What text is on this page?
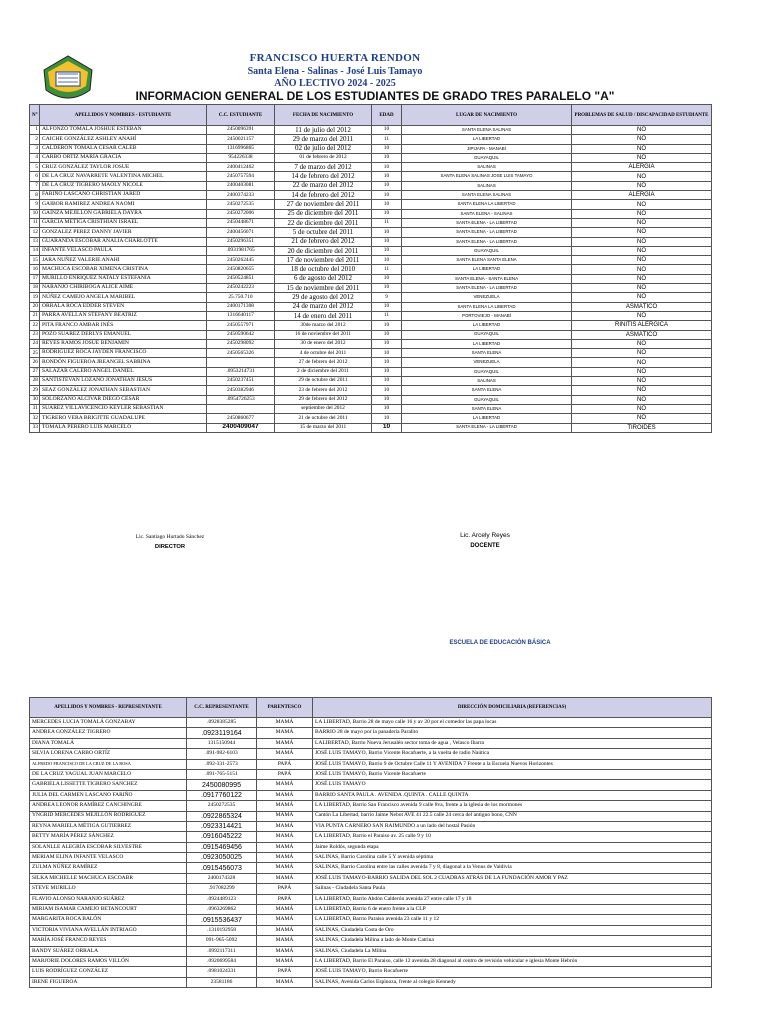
FRANCISCO HUERTA RENDON
Santa Elena - Salinas - José Luis Tamayo
AÑO LECTIVO 2024 - 2025
INFORMACION GENERAL DE LOS ESTUDIANTES DE GRADO TRES PARALELO "A"
N°	APELLIDOS Y NOMBRES - ESTUDIANTE	C.C. ESTUDIANTE	FECHA DE NACIMIENTO	EDAD	LUGAR DE NACIMIENTO	PROBLEMAS DE SALUD / DISCAPACIDAD ESTUDIANTE
1	ALFONZO TOMALA JOSHUE ESTEBAN	2450096391	11 de julio del 2012	10	SANTA ELENA SALINAS	NO
2	CAICHE GONZÁLEZ ASHLEY ANAHÍ	2450021157	29 de marzo del 2011	11	LA LIBERTAD	NO
3	CALDERON TOMALA CESAR CALEB	1316996865	02 de julio del 2012	10	JIPIJAPA - MANABÍ	NO
4	CARBO ORTÍZ MARÍA GRACIA	954226338	01 de febrero de 2012	10	GUAYAQUIL	NO
5	CRUZ GONZÁLEZ TAYLOR JOSUE	2400412462	7 de marzo del 2012	10	SALINAS	ALERGIA
6	DE LA CRUZ NAVARRETE VALENTINA MICHEL	2450757594	14 de febrero del 2012	10	SANTA ELENA SALINAS JOSE LUIS TAMAYO	NO
7	DE LA CRUZ TIGRERO MAOLY NICOLE	2400403081	22 de marzo del 2012	10	SALINAS	NO
8	FARIÑO LASCANO CHRISTIAN JARED	2400374233	14 de febrero del 2012	10	SANTA ELENA SALINAS	ALERGIA
9	GAIBOR RAMIREZ ANDREA NAOMI	2450272535	27 de noviembre del 2011	10	SANTA ELENA LA LIBERTAD	NO
10	GAINZA MEJILLON GABRIELA DAYRA	2450272006	25 de diciembre del 2011	10	SANTA ELENA - SALINAS	NO
11	GARCIA METIGA CRISTHIAN ISRAEL	2450448671	22 de diciembre del 2011	11	SANTA ELENA - LA LIBERTAD	NO
12	GONZALEZ PEREZ DANNY JAVIER	2400456071	5 de octubre del 2011	10	SANTA ELENA - LA LIBERTAD	NO
13	GUARANDA ESCOBAR ANALIA CHARLOTTE	2450296351	21 de febrero del 2012	10	SANTA ELENA - LA LIBERTAD	NO
14	INFANTE VELASCO PAULA	.0931981765	20 de diciembre del 2011	10	GUAYAQUIL	NO
15	JARA NUÑEZ VALERIE ANAHI	2450262445	17 de noviembre del 2011	10	SANTA ELENA SANTA ELENA	NO
16	MACHUCA ESCOBAR XIMENA CRISTINA	2450820655	18 de octubre del 2010	11	LA LIBERTAD	NO
17	MURILLO ENRIQUEZ NATALY ESTEFANIA	2450524851	6 de agosto del 2012	10	SANTA ELENA - SANTA ELENA	NO
18	NARANJO CHIRIBOGA ALICE AIME	2450242223	15 de noviembre del 2011	10	SANTA ELENA - LA LIBERTAD	NO
19	NÚÑEZ CAMEJO ANGELA MARIBEL	25.750.710	29 de agosto del 2012	9	VENEZUELA	NO
20	ORRALA ROCA EDDER STEVEN	2400171308	24 de marzo del 2012	10	SANTA ELENA LA LIBERTAD	ASMÁTICO
21	PARRA AVELLAN STEFANY BEATRIZ	1316640117	14 de enero del 2011	11	PORTOVIEJO - MANABÍ	NO
22	PITA FRANCO AMBAR INÉS	2450557971	30de marzo del 2012	10	LA LIBERTAD	RINITIS ALERGICA
23	POZO SUAREZ DERLYS EMANUEL	2450590642	16 de noviembre del 2011	10	GUAYAQUIL	ASMÁTICO
24	REYES RAMOS JOSUE BENJAMIN	2450298092	30 de enero del 2012	10	LA LIBERTAD	NO
25	RODRÍGUEZ ROCA JAYDEN FRANCISCO	2450565326	4 de octubre del 2011	10	SANTA ELENA	NO
26	RONDÓN FIGUEROA JREANGEL SABRINA		27 de febrero del 2012	10	VENEZUELA	NO
27	SALAZAR CALERO ANGEL DANIEL	.0953214731	2 de diciembre del 2011	10	GUAYAQUIL	NO
28	SANTISTEVAN LOZANO JONATHAN JESUS	2450237451	29 de octubre del 2011	10	SALINAS	NO
29	SEAZ GONZÁLEZ JONATHAN SEBASTIAN	2450382946	23 de febrero del 2012	10	SANTA ELENA	NO
30	SOLORZANO ALCÍVAR DIEGO CÉSAR	.0954726253	29 de febrero del 2012	10	GUAYAQUIL	NO
31	SUÁREZ VILLAVICENCIO KEYLER SEBASTIAN		septiembre del 2012	10	SANTA ELENA	NO
32	TIGRERO VERA BRIGITTE GUADALUPE	2450860677	21 de octubre del 2011	10	LA LIBERTAD	NO
33	TOMALÁ PERERO LUIS MARCELO	2400409047	15 de marzo del 2011	10	SANTA ELENA - LA LIBERTAD	TIROIDES
Lic. Santiago Hurtado Sánchez
DIRECTOR
Lic. Arcely Reyes
DOCENTE
ESCUELA DE EDUCACIÓN BÁSICA
APELLIDOS Y NOMBRES - REPRESENTANTE	C.C. REPRESENTANTE	PARENTESCO	DIRECCIÓN DOMICILIARIA (REFERENCIAS)
MERCEDES LUCIA TOMALÁ GONZABAY	.0928385285	MAMÁ	LA LIBERTAD, Barrio 28 de mayo calle 16 y av 20 por el comedor las papa locas
ANDREA GONZÁLEZ TIGRERO	.0923119164	MAMÁ	BARRIO 28 de mayo por la panadería Paralito
DIANA TOMALÁ	1315150944	MAMÁ	LALIBERTAD, Barrio Nueva Jerusalén sector toma de agua , Velasco Ibarra
SILVIA LORENA CARBO ORTÍZ	.091-982-6103	MAMÁ	JOSÉ LUIS TAMAYO, Barrio Vicente Rocafuerte, a la vuelta de radio Naútica
ALFREDO FRANCISCO DE LA CRUZ DE LA ROSA	.092-331-2573	PAPÁ	JOSÉ LUIS TAMAYO, Barrio 9 de Octubre Calle 11 Y AVENIDA 7 Frente a la Escuela Nuevos Horizontes
DE LA CRUZ YAGUAL JUAN MARCELO	.091-765-5151	PAPÁ	JOSÉ LUIS TAMAYO, Barrio Vicente Rocafuerte
GABRIELA LISSETTE TIGRERO SANCHEZ	2450080995	MAMÁ	JOSÉ LUIS TAMAYO
JULIA DEL CARMEN LASCANO FARIÑO	.0917760122	MAMÁ	BARRIO SANTA PAULA . AVENIDA .QUINTA . CALLE QUINTA
ANDREA LEONOR RAMÍREZ CANCHINGRE	2450272535	MAMÁ	LA LIBERTAD, Barrio San Francisco avenida 9 calle 8va, frente a la iglesia de los mormones
YNGRID MERCEDES MEJILLÓN RODRIGUEZ	.0922865324	MAMÁ	Cantón La Libertad, barrio Jaime Nebot AVE 41 22.5 calle 24 cerca del antiguo bono, CNN
REYNA MARIELA MÉTIGA GUTIERREZ	.0923314421	MAMÁ	VIA PUNTA CARNERO SAN RAIMUNDO a un lado del hostal Pasión
BETTY MARÍA PÉREZ SÁNCHEZ	.0916045222	MAMÁ	LA LIBERTAD, Barrio el Paraiso av. 25 calle 9 y 10
SOLANLLE ALEGRÍA ESCOBAR SILVESTRE	.0915469456	MAMÁ	Jaime Roldós, segunda etapa
MERIAM ELINA INFANTE VELASCO	.0923050025	MAMÁ	SALINAS, Barrio Carolina calle 5 Y avenida séptima
ZULMA NÚÑEZ RAMÍREZ	.0915456073	MAMÁ	SALINAS, Barrio Carolina entre las calles avenida 7 y 8, diagonal a la Venus de Valdivia
SILKA MICHELLE MACHUCA ESCOABR	2400174328	MAMÁ	JOSÉ LUIS TAMAYO-BARRIO SALIDA DEL SOL 2 CUADRAS ATRÁS DE LA FUNDACIÓN AMOR Y PAZ
STEVE MURILLO	.917082299	PAPÁ	Salinas - Ciudadela Santa Paula
FLAVIO ALONSO NARANJO SUÁREZ	.0924489123	PAPÁ	LA LIBERTAD, Barrio Abdón Calderón avenida 27 entre calle 17 y 18
MIRIAM ISAMAR CAMEJO BETANCOURT	.0963269862	MAMÁ	LA LIBERTAD, Barrio 6 de enero frente a la CLP
MARGARITA ROCA BALÓN	.0915536437	MAMÁ	LA LIBERTAD, Barrio Paraiso avenida 23 calle 11 y 12
VICTORIA VIVIANA AVELLÁN INTRIAGO	.1310192958	MAMÁ	SALINAS, Ciudadela Costa de Oro
MARÍA JOSÉ FRANCO REYES	091-965-5092	MAMÁ	SALINAS, Ciudadela Milina a lado de Monte Catrina
RANDY SUÁREZ ORRALA	.0992117311	MAMÁ	SALINAS, Ciudadela La Milina
MARJORIE DOLORES RAMOS VILLÓN	.0920699584	MAMÁ	LA LIBERTAD, Barrio El Paraiso, calle 12 avenida 28 diagonal al centro de revisión vehicular e iglesia Monte Hebrón
LUIS RODRÍGUEZ GONZÁLEZ	.0981024331	PAPÁ	JOSÉ LUIS TAMAYO, Barrio Rocafuerte
IRENE FIGUEROA	23581186	MAMÁ	SALINAS, Avenida Carlos Espinoza, frente al colegio Kennedy
